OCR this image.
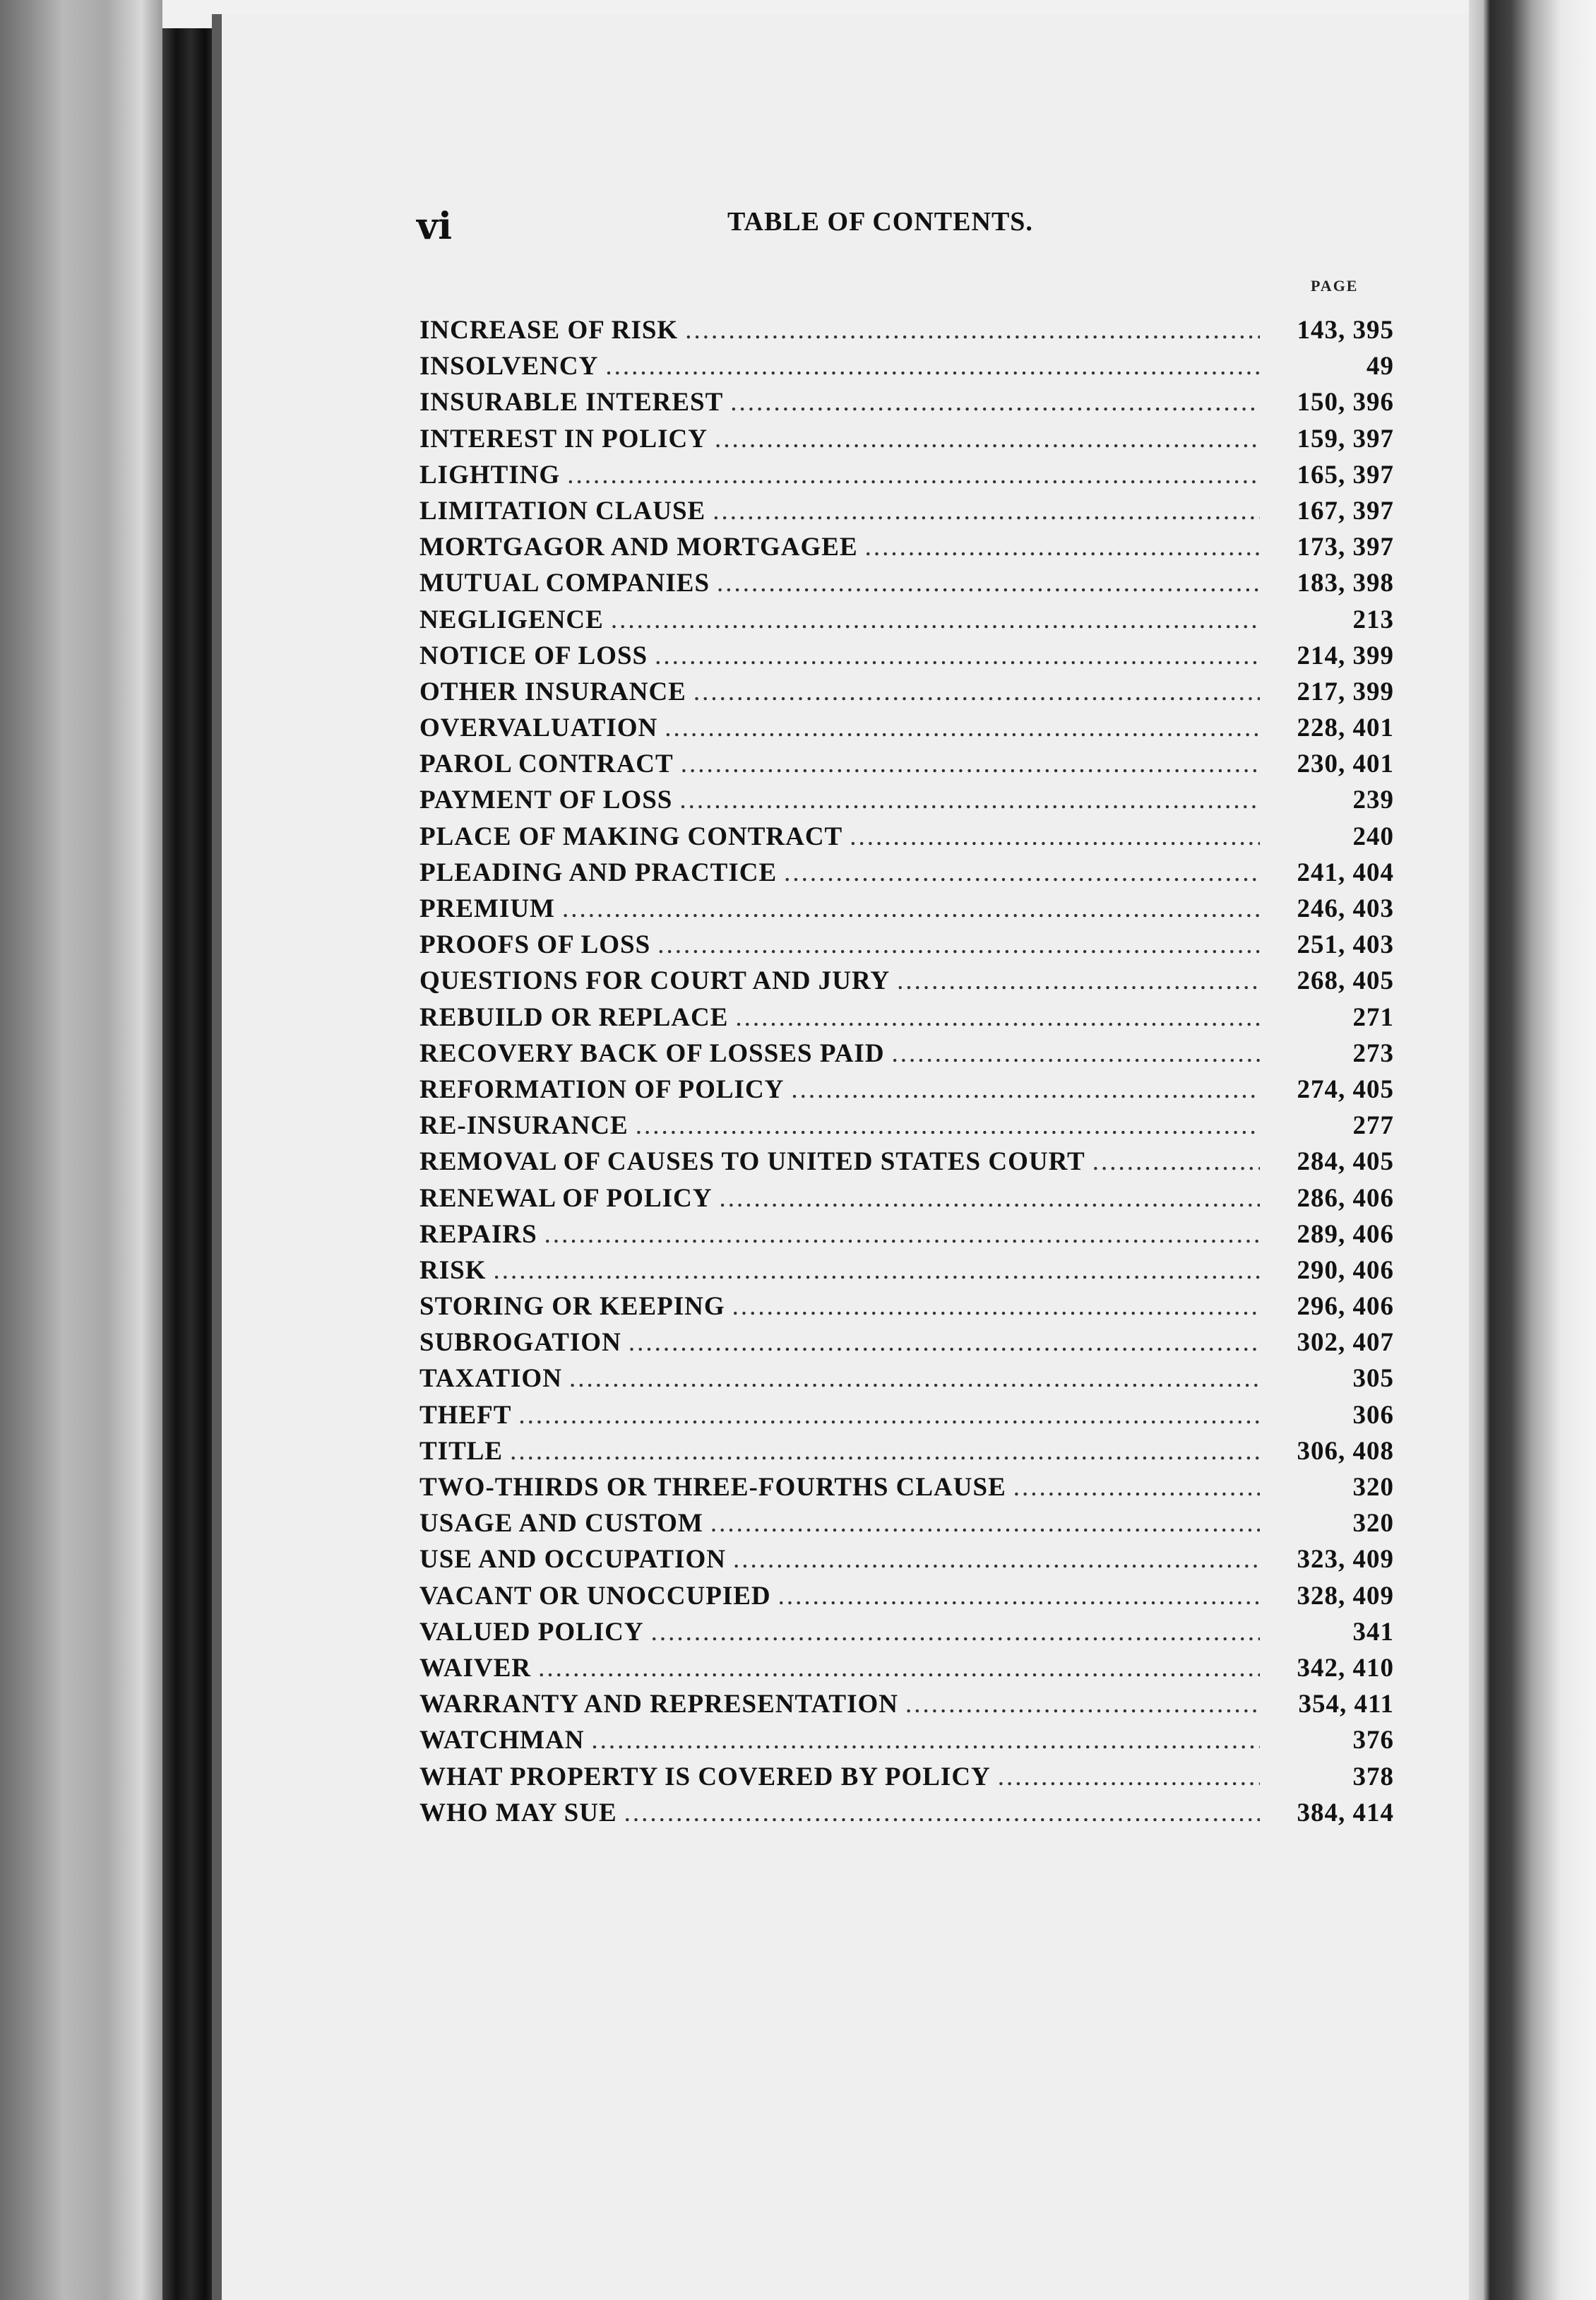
vi	TABLE OF CONTENTS.
PAGE
INCREASE OF RISK .....	143, 395
INSOLVENCY .....	49
INSURABLE INTEREST .....	150, 396
INTEREST IN POLICY .....	159, 397
LIGHTING .....	165, 397
LIMITATION CLAUSE .....	167, 397
MORTGAGOR AND MORTGAGEE .....	173, 397
MUTUAL COMPANIES .....	183, 398
NEGLIGENCE .....	213
NOTICE OF LOSS .....	214, 399
OTHER INSURANCE .....	217, 399
OVERVALUATION .....	228, 401
PAROL CONTRACT .....	230, 401
PAYMENT OF LOSS .....	239
PLACE OF MAKING CONTRACT .....	240
PLEADING AND PRACTICE .....	241, 404
PREMIUM .....	246, 403
PROOFS OF LOSS .....	251, 403
QUESTIONS FOR COURT AND JURY .....	268, 405
REBUILD OR REPLACE .....	271
RECOVERY BACK OF LOSSES PAID .....	273
REFORMATION OF POLICY .....	274, 405
RE-INSURANCE .....	277
REMOVAL OF CAUSES TO UNITED STATES COURT .....	284, 405
RENEWAL OF POLICY .....	286, 406
REPAIRS .....	289, 406
RISK .....	290, 406
STORING OR KEEPING .....	296, 406
SUBROGATION .....	302, 407
TAXATION .....	305
THEFT .....	306
TITLE .....	306, 408
TWO-THIRDS OR THREE-FOURTHS CLAUSE .....	320
USAGE AND CUSTOM .....	320
USE AND OCCUPATION .....	323, 409
VACANT OR UNOCCUPIED .....	328, 409
VALUED POLICY .....	341
WAIVER .....	342, 410
WARRANTY AND REPRESENTATION .....	354, 411
WATCHMAN .....	376
WHAT PROPERTY IS COVERED BY POLICY .....	378
WHO MAY SUE .....	384, 414
